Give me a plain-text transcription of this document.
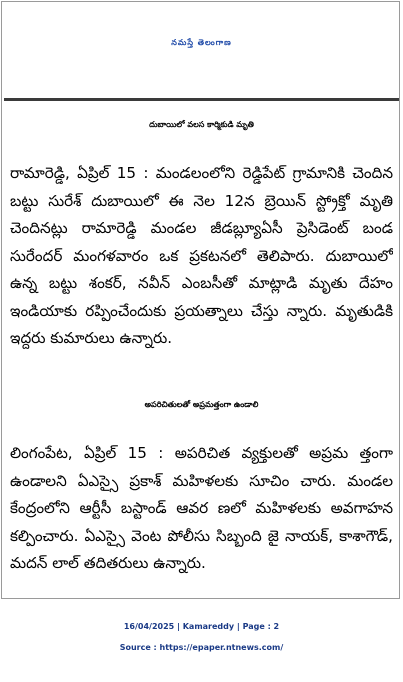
నమస్తే తెలంగాణ
దుబాయిలో వలస కార్మికుడి మృతి
రామారెడ్డి, ఏప్రిల్ 15 : మండలంలోని రెడ్డిపేట్ గ్రామానికి చెందిన బట్టు సురేశ్ దుబాయిలో ఈ నెల 12న బ్రెయిన్ స్ట్రోక్తో మృతి చెందినట్లు రామారెడ్డి మండల జీడబ్ల్యూఏసీ ప్రెసిడెంట్ బండ సురేందర్ మంగళవారం ఒక ప్రకటనలో తెలిపారు. దుబాయిలో ఉన్న బట్టు శంకర్, నవీన్ ఎంబసీతో మాట్లాడి మృతు దేహం ఇండియాకు రప్పించేందుకు ప్రయత్నాలు చేస్తు న్నారు. మృతుడికి ఇద్దరు కుమారులు ఉన్నారు.
అపరిచితులతో అప్రమత్తంగా ఉండాలి
లింగంపేట, ఏప్రిల్ 15 : అపరిచిత వ్యక్తులతో అప్రమ త్తంగా ఉండాలని ఏఎస్సై ప్రకాశ్ మహిళలకు సూచిం చారు. మండల కేంద్రంలోని ఆర్టీసీ బస్టాండ్ ఆవర ణలో మహిళలకు అవగాహన కల్పించారు. ఏఎస్సై వెంట పోలీసు సిబ్బంది జై నాయక్, కాశాగౌడ్, మదన్ లాల్ తదితరులు ఉన్నారు.
16/04/2025 | Kamareddy | Page : 2
Source : https://epaper.ntnews.com/
